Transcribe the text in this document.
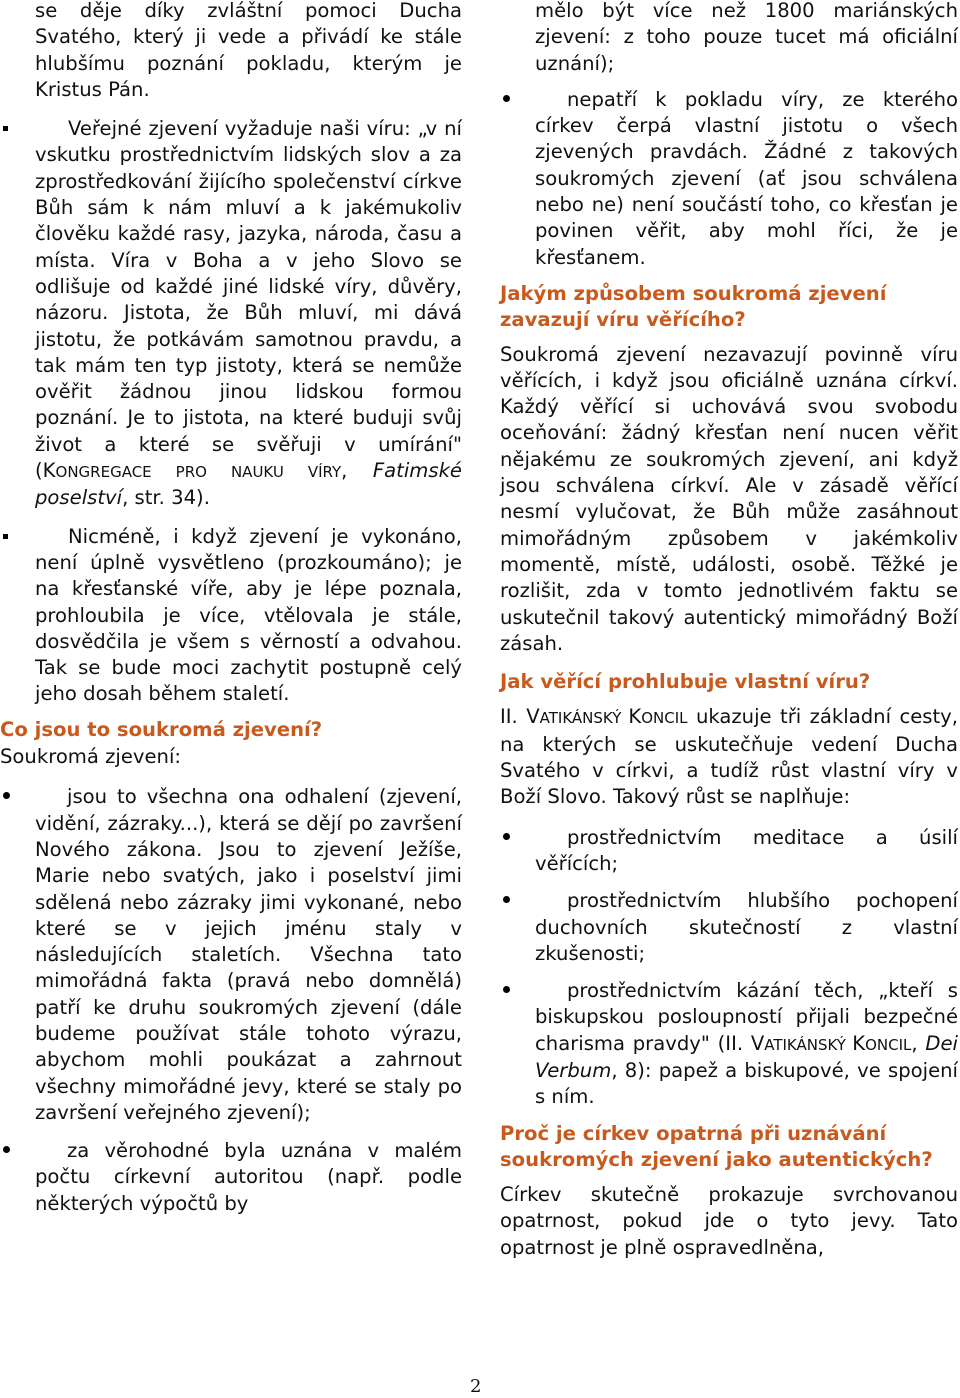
se děje díky zvláštní pomoci Ducha Svatého, který ji vede a přivádí ke stále hlubšímu poznání pokladu, kterým je Kristus Pán.

Veřejné zjevení vyžaduje naši víru: „v ní vskutku prostřednictvím lidských slov a za zprostředkování žijícího společenství církve Bůh sám k nám mluví a k jakémukoliv člověku každé rasy, jazyka, národa, času a místa. Víra v Boha a v jeho Slovo se odlišuje od každé jiné lidské víry, důvěry, názoru. Jistota, že Bůh mluví, mi dává jistotu, že potkávám samotnou pravdu, a tak mám ten typ jistoty, která se nemůže ověřit žádnou jinou lidskou formou poznání. Je to jistota, na které buduji svůj život a které se svěřuji v umírání" (KONGREGACE PRO NAUKU VÍRY, Fatimské poselství, str. 34).
Nicméně, i když zjevení je vykonáno, není úplně vysvětleno (prozkoumáno); je na křesťanské víře, aby je lépe poznala, prohloubila je více, vtělovala je stále, dosvědčila je všem s věrností a odvahou. Tak se bude moci zachytit postupně celý jeho dosah během staletí.
Co jsou to soukromá zjevení?

Soukromá zjevení:

jsou to všechna ona odhalení (zjevení, vidění, zázraky...), která se dějí po završení Nového zákona. Jsou to zjevení Ježíše, Marie nebo svatých, jako i poselství jimi sdělená nebo zázraky jimi vykonané, nebo které se v jejich jménu staly v následujících staletích. Všechna tato mimořádná fakta (pravá nebo domnělá) patří ke druhu soukromých zjevení (dále budeme používat stále tohoto výrazu, abychom mohli poukázat a zahrnout všechny mimořádné jevy, které se staly po završení veřejného zjevení);
za věrohodné byla uznána v malém počtu církevní autoritou (např. podle některých výpočtů by

mělo být více než 1800 mariánských zjevení: z toho pouze tucet má oficiální uznání);

nepatří k pokladu víry, ze kterého církev čerpá vlastní jistotu o všech zjevených pravdách. Žádné z takových soukromých zjevení (ať jsou schválena nebo ne) není součástí toho, co křesťan je povinen věřit, aby mohl říci, že je křesťanem.
Jakým způsobem soukromá zjevení zavazují víru věřícího?

Soukromá zjevení nezavazují povinně víru věřících, i když jsou oficiálně uznána církví. Každý věřící si uchovává svou svobodu oceňování: žádný křesťan není nucen věřit nějakému ze soukromých zjevení, ani když jsou schválena církví. Ale v zásadě věřící nesmí vylučovat, že Bůh může zasáhnout mimořádným způsobem v jakémkoliv momentě, místě, události, osobě. Těžké je rozlišit, zda v tomto jednotlivém faktu se uskutečnil takový autentický mimořádný Boží zásah.

Jak věřící prohlubuje vlastní víru?

II. VATIKÁNSKÝ KONCIL ukazuje tři základní cesty, na kterých se uskutečňuje vedení Ducha Svatého v církvi, a tudíž růst vlastní víry v Boží Slovo. Takový růst se naplňuje:

prostřednictvím meditace a úsilí věřících;
prostřednictvím hlubšího pochopení duchovních skutečností z vlastní zkušenosti;
prostřednictvím kázání těch, „kteří s biskupskou posloupností přijali bezpečné charisma pravdy" (II. VATIKÁNSKÝ KONCIL, Dei Verbum, 8): papež a biskupové, ve spojení s ním.
Proč je církev opatrná při uznávání soukromých zjevení jako autentických?

Církev skutečně prokazuje svrchovanou opatrnost, pokud jde o tyto jevy. Tato opatrnost je plně ospravedlněna,

2
